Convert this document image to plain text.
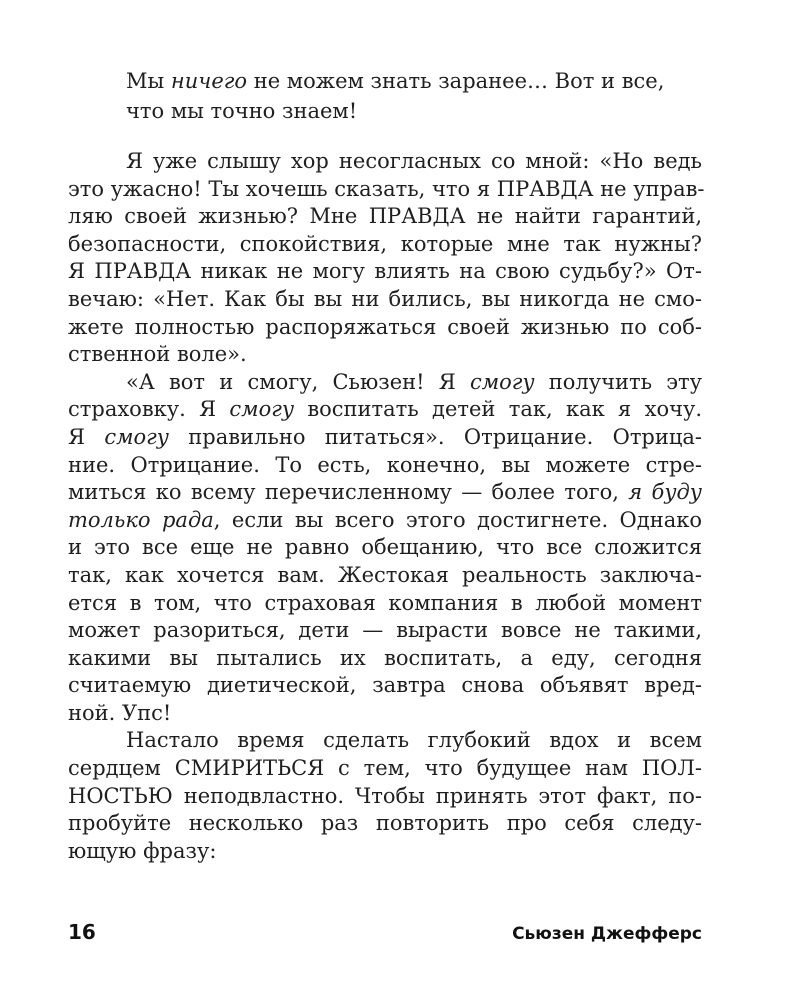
Мы ничего не можем знать заранее… Вот и все,
что мы точно знаем!
Я уже слышу хор несогласных со мной: «Но ведь
это ужасно! Ты хочешь сказать, что я ПРАВДА не управ-
ляю своей жизнью? Мне ПРАВДА не найти гарантий,
безопасности, спокойствия, которые мне так нужны?
Я ПРАВДА никак не могу влиять на свою судьбу?» От-
вечаю: «Нет. Как бы вы ни бились, вы никогда не смо-
жете полностью распоряжаться своей жизнью по соб-
ственной воле».
«А вот и смогу, Сьюзен! Я смогу получить эту
страховку. Я смогу воспитать детей так, как я хочу.
Я смогу правильно питаться». Отрицание. Отрица-
ние. Отрицание. То есть, конечно, вы можете стре-
миться ко всему перечисленному — более того, я буду
только рада, если вы всего этого достигнете. Однако
и это все еще не равно обещанию, что все сложится
так, как хочется вам. Жестокая реальность заключа-
ется в том, что страховая компания в любой момент
может разориться, дети — вырасти вовсе не такими,
какими вы пытались их воспитать, а еду, сегодня
считаемую диетической, завтра снова объявят вред-
ной. Упс!
Настало время сделать глубокий вдох и всем
сердцем СМИРИТЬСЯ с тем, что будущее нам ПОЛ-
НОСТЬЮ неподвластно. Чтобы принять этот факт, по-
пробуйте несколько раз повторить про себя следу-
ющую фразу:
16	Сьюзен Джефферс
